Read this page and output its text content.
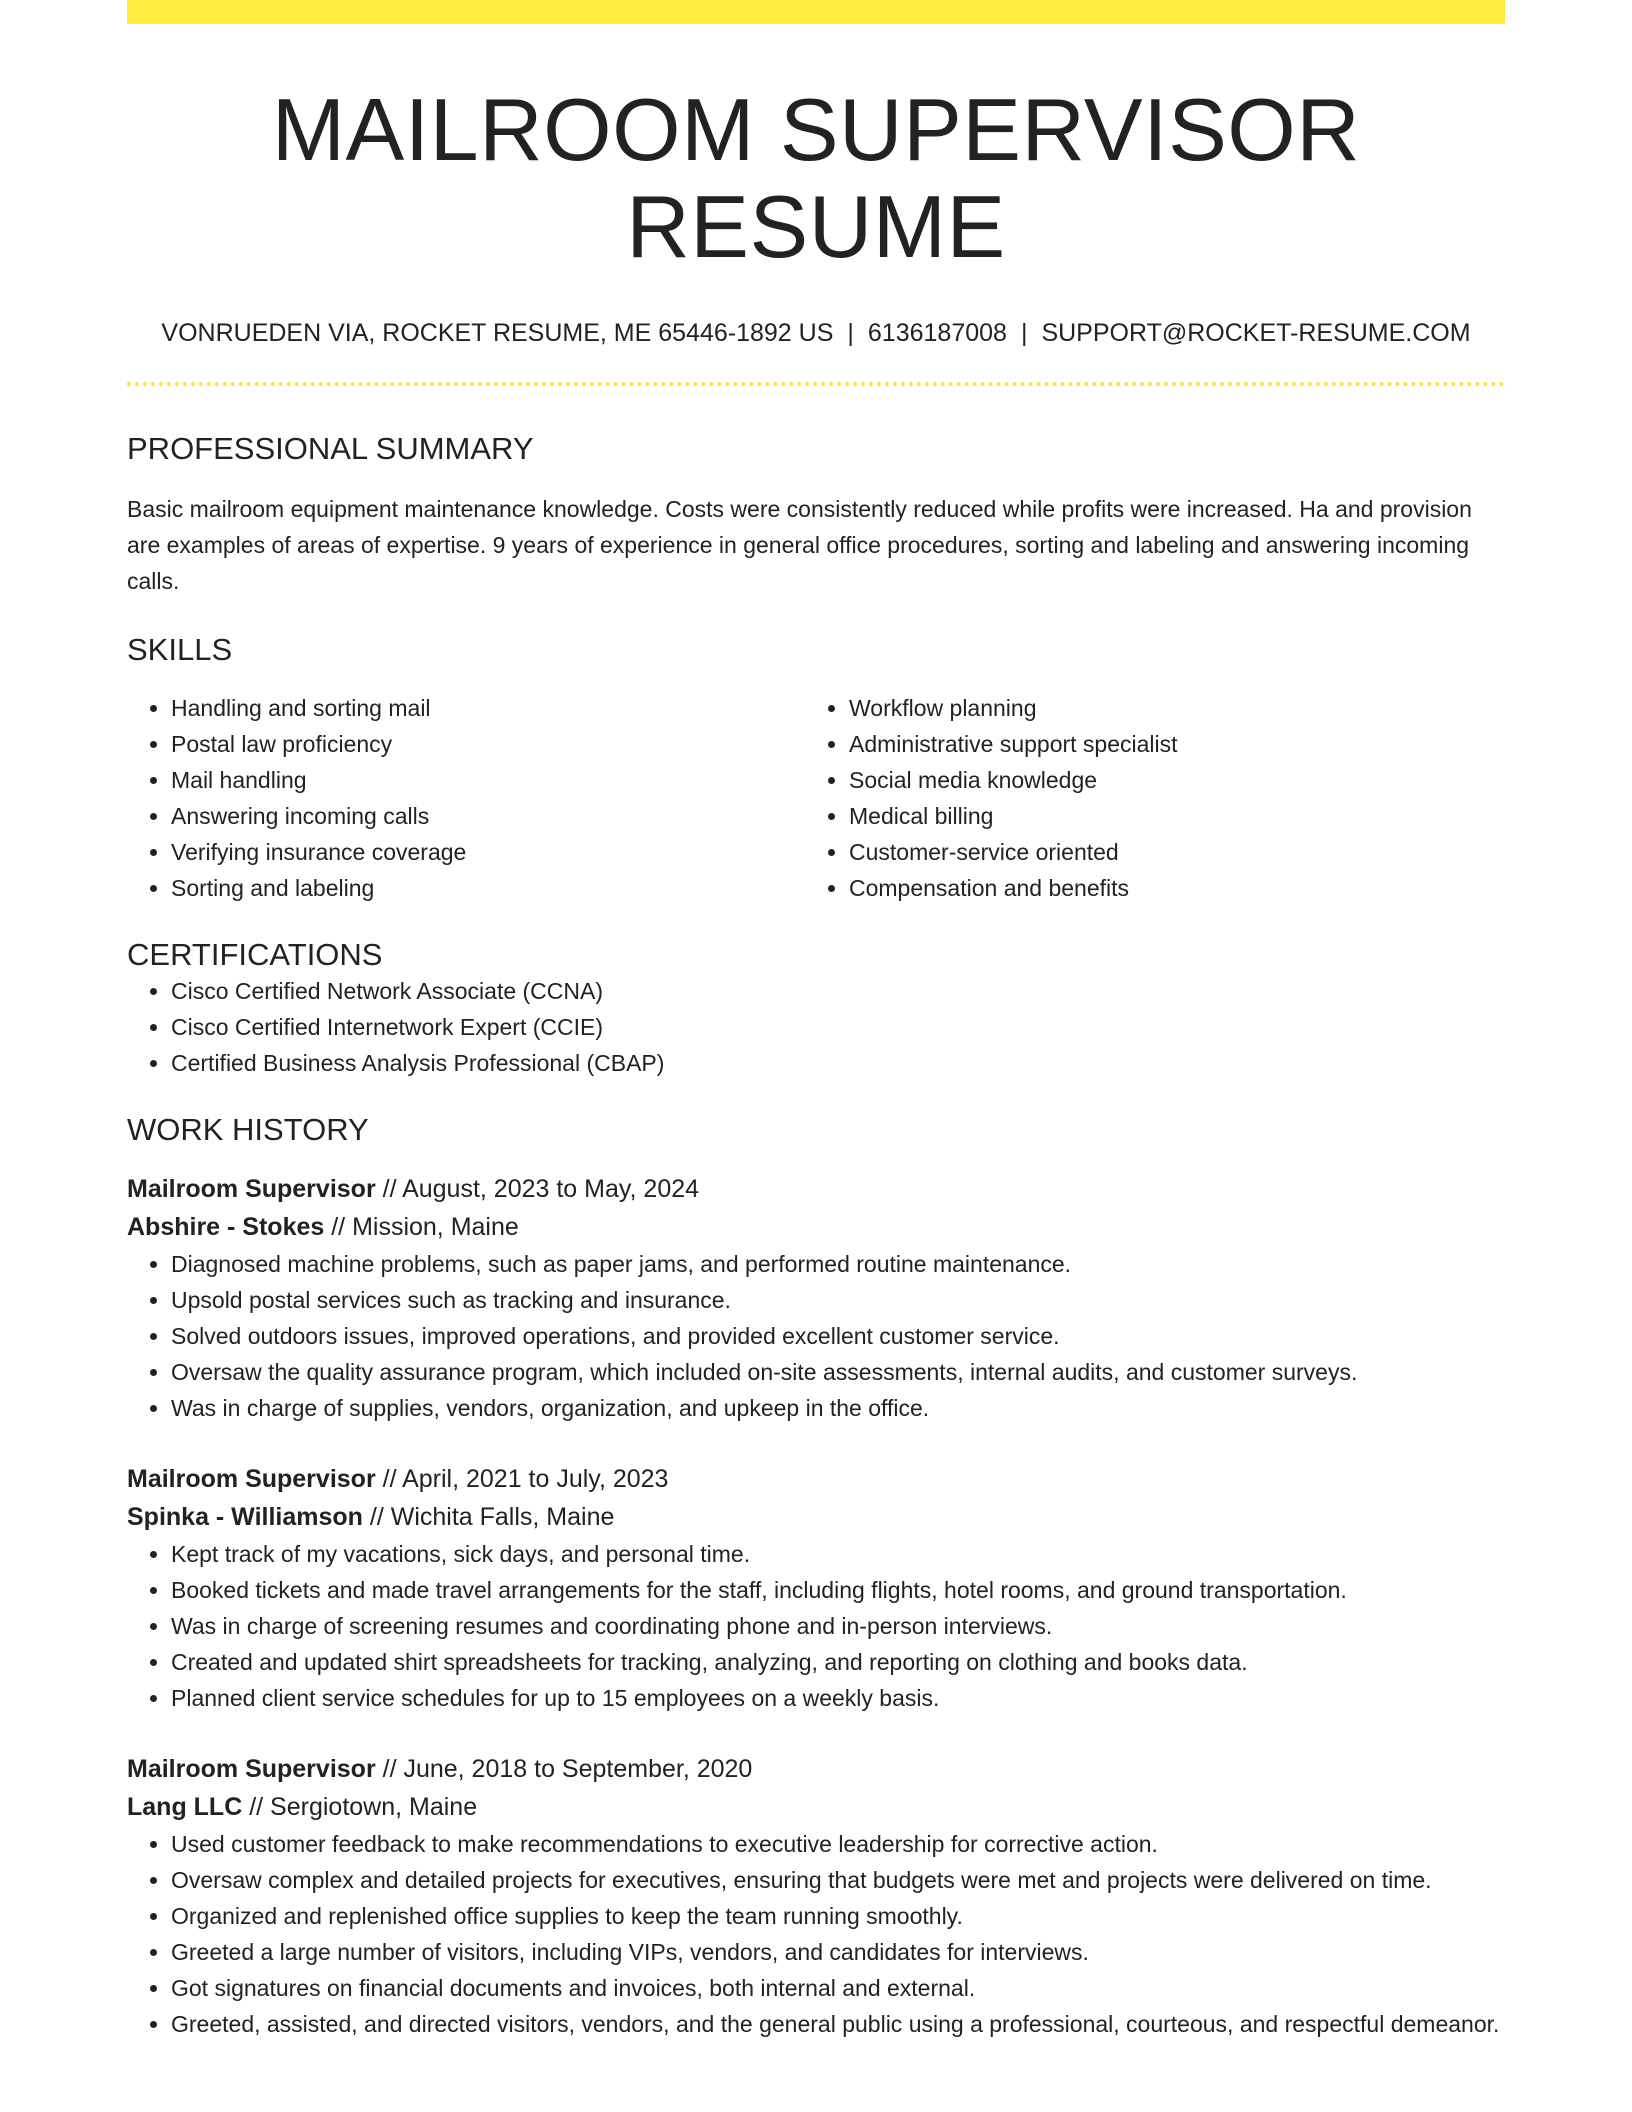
MAILROOM SUPERVISOR RESUME
VONRUEDEN VIA, ROCKET RESUME, ME 65446-1892 US | 6136187008 | SUPPORT@ROCKET-RESUME.COM
PROFESSIONAL SUMMARY

Basic mailroom equipment maintenance knowledge. Costs were consistently reduced while profits were increased. Ha and provision are examples of areas of expertise. 9 years of experience in general office procedures, sorting and labeling and answering incoming calls.

SKILLS
• Handling and sorting mail
• Postal law proficiency
• Mail handling
• Answering incoming calls
• Verifying insurance coverage
• Sorting and labeling
• Workflow planning
• Administrative support specialist
• Social media knowledge
• Medical billing
• Customer-service oriented
• Compensation and benefits
CERTIFICATIONS
• Cisco Certified Network Associate (CCNA)
• Cisco Certified Internetwork Expert (CCIE)
• Certified Business Analysis Professional (CBAP)
WORK HISTORY
Mailroom Supervisor // August, 2023 to May, 2024
Abshire - Stokes // Mission, Maine
• Diagnosed machine problems, such as paper jams, and performed routine maintenance.
• Upsold postal services such as tracking and insurance.
• Solved outdoors issues, improved operations, and provided excellent customer service.
• Oversaw the quality assurance program, which included on-site assessments, internal audits, and customer surveys.
• Was in charge of supplies, vendors, organization, and upkeep in the office.
Mailroom Supervisor // April, 2021 to July, 2023
Spinka - Williamson // Wichita Falls, Maine
• Kept track of my vacations, sick days, and personal time.
• Booked tickets and made travel arrangements for the staff, including flights, hotel rooms, and ground transportation.
• Was in charge of screening resumes and coordinating phone and in-person interviews.
• Created and updated shirt spreadsheets for tracking, analyzing, and reporting on clothing and books data.
• Planned client service schedules for up to 15 employees on a weekly basis.
Mailroom Supervisor // June, 2018 to September, 2020
Lang LLC // Sergiotown, Maine
• Used customer feedback to make recommendations to executive leadership for corrective action.
• Oversaw complex and detailed projects for executives, ensuring that budgets were met and projects were delivered on time.
• Organized and replenished office supplies to keep the team running smoothly.
• Greeted a large number of visitors, including VIPs, vendors, and candidates for interviews.
• Got signatures on financial documents and invoices, both internal and external.
• Greeted, assisted, and directed visitors, vendors, and the general public using a professional, courteous, and respectful demeanor.
